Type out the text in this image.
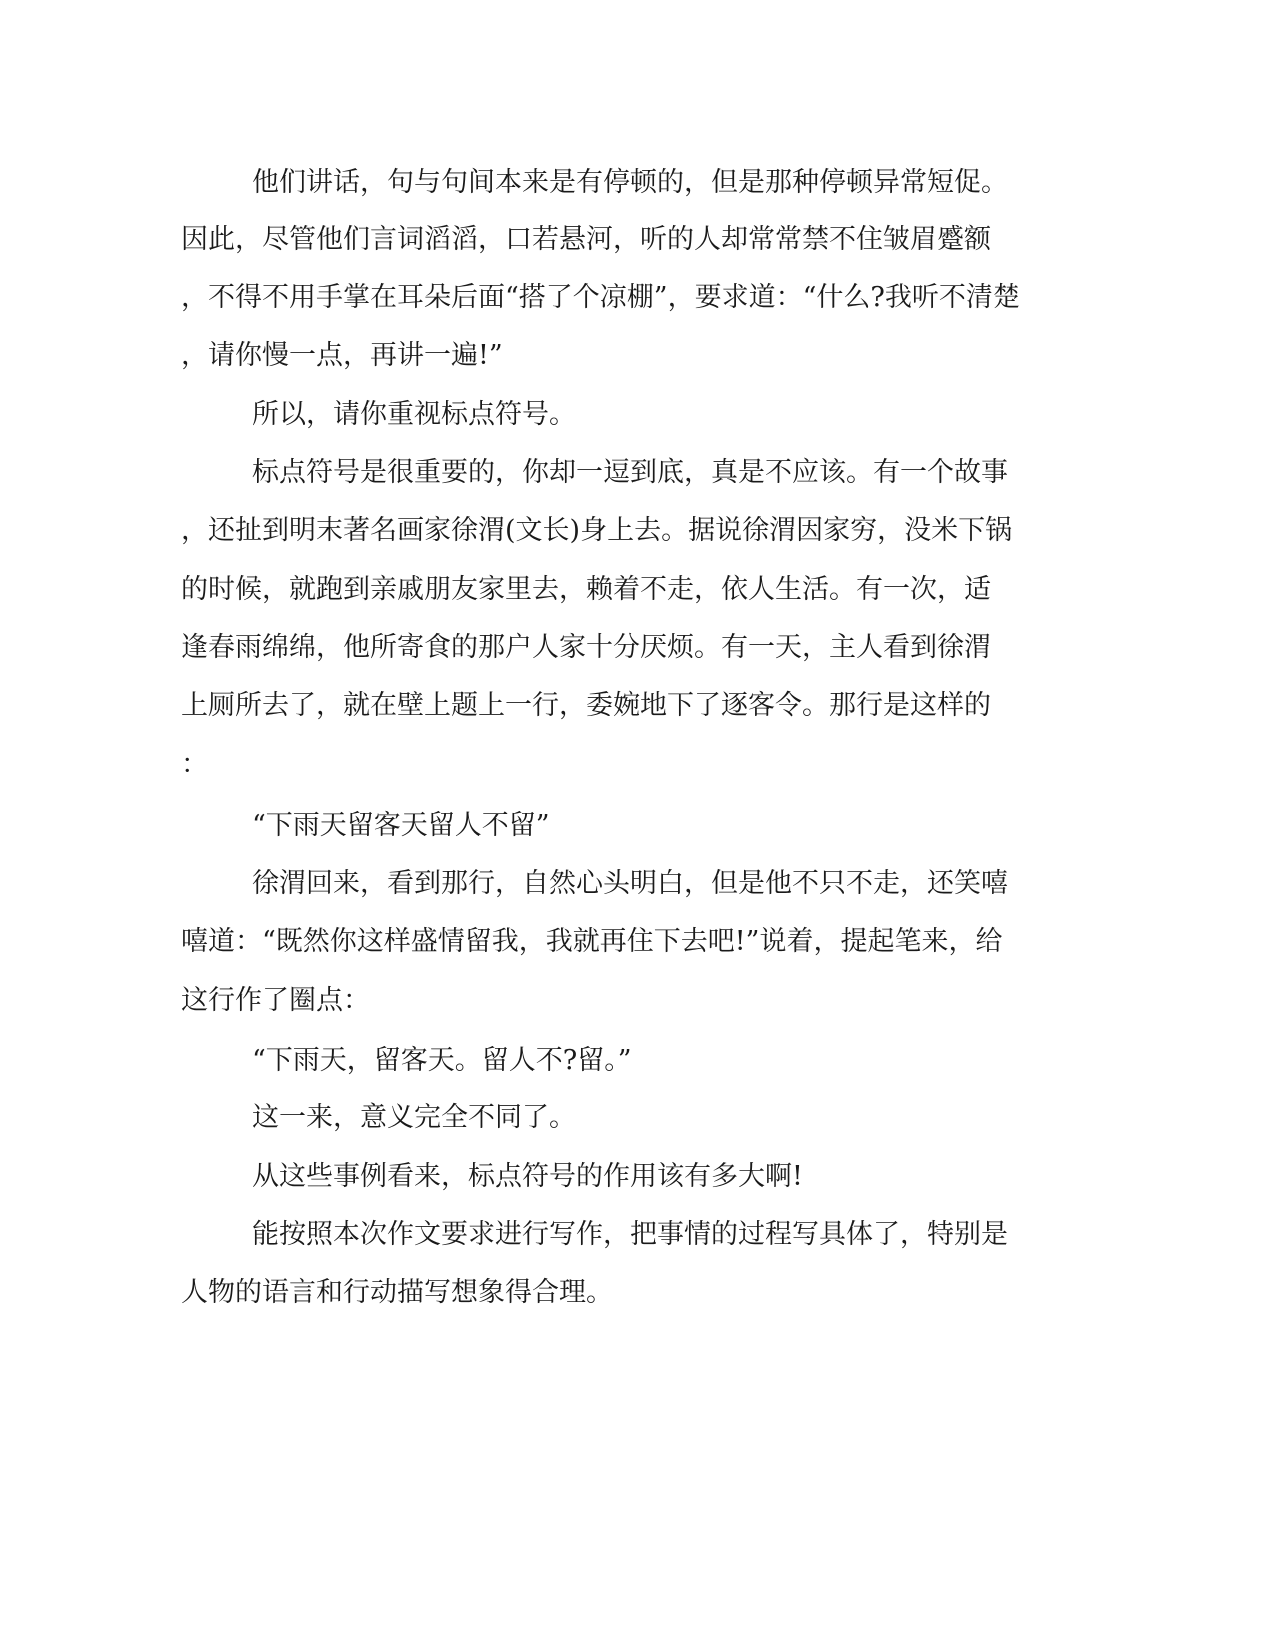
他们讲话，句与句间本来是有停顿的，但是那种停顿异常短促。
因此，尽管他们言词滔滔，口若悬河，听的人却常常禁不住皱眉蹙额
，不得不用手掌在耳朵后面“搭了个凉棚”，要求道：“什么?我听不清楚
，请你慢一点，再讲一遍!”
所以，请你重视标点符号。
标点符号是很重要的，你却一逗到底，真是不应该。有一个故事
，还扯到明末著名画家徐渭(文长)身上去。据说徐渭因家穷，没米下锅
的时候，就跑到亲戚朋友家里去，赖着不走，依人生活。有一次，适
逢春雨绵绵，他所寄食的那户人家十分厌烦。有一天，主人看到徐渭
上厕所去了，就在壁上题上一行，委婉地下了逐客令。那行是这样的
：
“下雨天留客天留人不留”
徐渭回来，看到那行，自然心头明白，但是他不只不走，还笑嘻
嘻道：“既然你这样盛情留我，我就再住下去吧!”说着，提起笔来，给
这行作了圈点：
“下雨天，留客天。留人不?留。”
这一来，意义完全不同了。
从这些事例看来，标点符号的作用该有多大啊!
能按照本次作文要求进行写作，把事情的过程写具体了，特别是
人物的语言和行动描写想象得合理。
